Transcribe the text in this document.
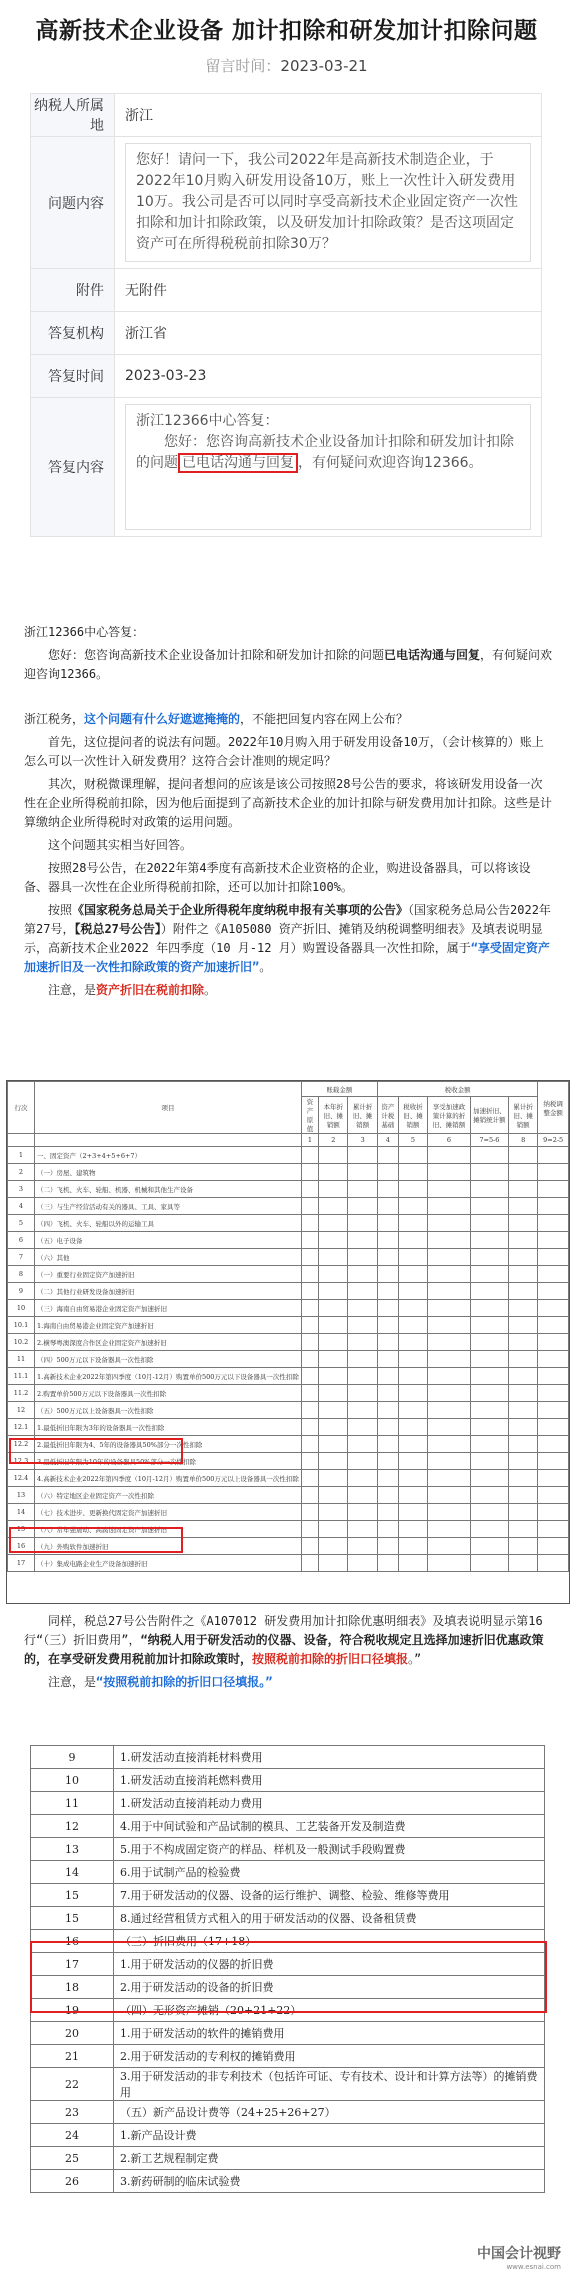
高新技术企业设备 加计扣除和研发加计扣除问题
留言时间：2023-03-21
纳税人所属地	浙江
问题内容	您好！请问一下，我公司2022年是高新技术制造企业，于2022年10月购入研发用设备10万，账上一次性计入研发费用10万。我公司是否可以同时享受高新技术企业固定资产一次性扣除和加计扣除政策，以及研发加计扣除政策？是否这项固定资产可在所得税税前扣除30万？

附件	无附件
答复机构	浙江省
答复时间	2023-03-23
答复内容	浙江12366中心答复：
您好：您咨询高新技术企业设备加计扣除和研发加计扣除的问题 已电话沟通与回复 ，有何疑问欢迎咨询12366。

浙江12366中心答复：

您好：您咨询高新技术企业设备加计扣除和研发加计扣除的问题已电话沟通与回复，有何疑问欢迎咨询12366。

浙江税务，这个问题有什么好遮遮掩掩的，不能把回复内容在网上公布？

首先，这位提问者的说法有问题。2022年10月购入用于研发用设备10万，（会计核算的）账上怎么可以一次性计入研发费用？这符合会计准则的规定吗？

其次，财税微课理解，提问者想问的应该是该公司按照28号公告的要求，将该研发用设备一次性在企业所得税前扣除，因为他后面提到了高新技术企业的加计扣除与研发费用加计扣除。这些是计算缴纳企业所得税时对政策的运用问题。

这个问题其实相当好回答。

按照28号公告，在2022年第4季度有高新技术企业资格的企业，购进设备器具，可以将该设备、器具一次性在企业所得税前扣除，还可以加计扣除100%。

按照《国家税务总局关于企业所得税年度纳税申报有关事项的公告》（国家税务总局公告2022年第27号，【税总27号公告】）附件之《A105080 资产折旧、摊销及纳税调整明细表》及填表说明显示，高新技术企业2022 年四季度（10 月-12 月）购置设备器具一次性扣除，属于“享受固定资产加速折旧及一次性扣除政策的资产加速折旧”。

注意，是资产折旧在税前扣除。

行次	项目	账载金额			税收金额					纳税调整金额
		资产原值	本年折旧、摊销额	累计折旧、摊销额	资产计税基础	税收折旧、摊销额	享受加速政策计算的折旧、摊销额	加速折旧、摊销统计额	累计折旧、摊销额	
		1	2	3	4	5	6	7=5-6	8	9=2-5
1	一、固定资产（2+3+4+5+6+7）									
2	（一）房屋、建筑物									
3	（二）飞机、火车、轮船、机器、机械和其他生产设备									
4	（三）与生产经营活动有关的器具、工具、家具等									
5	（四）飞机、火车、轮船以外的运输工具									
6	（五）电子设备									
7	（六）其他									
8	（一）重要行业固定资产加速折旧									
9	（二）其他行业研发设备加速折旧									
10	（三）海南自由贸易港企业固定资产加速折旧									
10.1	1.海南自由贸易港企业固定资产加速折旧									
10.2	2.横琴粤澳深度合作区企业固定资产加速折旧									
11	（四）500万元以下设备器具一次性扣除									
11.1	1.高新技术企业2022年第四季度（10月-12月）购置单价500万元以下设备器具一次性扣除									
11.2	2.购置单价500万元以下设备器具一次性扣除									
12	（五）500万元以上设备器具一次性扣除									
12.1	1.最低折旧年限为3年的设备器具一次性扣除									
12.2	2.最低折旧年限为4、5年的设备器具50%部分一次性扣除									
12.3	3.最低折旧年限为10年的设备器具50%部分一次性扣除									
12.4	4.高新技术企业2022年第四季度（10月-12月）购置单价500万元以上设备器具一次性扣除									
13	（六）特定地区企业固定资产一次性扣除									
14	（七）技术进步、更新换代固定资产加速折旧									
15	（八）常年强震动、高腐蚀固定资产加速折旧									
16	（九）外购软件加速折旧									
17	（十）集成电路企业生产设备加速折旧									

同样，税总27号公告附件之《A107012 研发费用加计扣除优惠明细表》及填表说明显示第16 行“（三）折旧费用”，“纳税人用于研发活动的仪器、设备，符合税收规定且选择加速折旧优惠政策的，在享受研发费用税前加计扣除政策时，按照税前扣除的折旧口径填报。”

注意，是“按照税前扣除的折旧口径填报。”

9	1.研发活动直接消耗材料费用
10	1.研发活动直接消耗燃料费用
11	1.研发活动直接消耗动力费用
12	4.用于中间试验和产品试制的模具、工艺装备开发及制造费
13	5.用于不构成固定资产的样品、样机及一般测试手段购置费
14	6.用于试制产品的检验费
15	7.用于研发活动的仪器、设备的运行维护、调整、检验、维修等费用
15	8.通过经营租赁方式租入的用于研发活动的仪器、设备租赁费
16	（三）折旧费用（17+18）
17	1.用于研发活动的仪器的折旧费
18	2.用于研发活动的设备的折旧费
19	（四）无形资产摊销（20+21+22）
20	1.用于研发活动的软件的摊销费用
21	2.用于研发活动的专利权的摊销费用
22	3.用于研发活动的非专利技术（包括许可证、专有技术、设计和计算方法等）的摊销费用
23	（五）新产品设计费等（24+25+26+27）
24	1.新产品设计费
25	2.新工艺规程制定费
26	3.新药研制的临床试验费
中国会计视野
www.esnai.com
